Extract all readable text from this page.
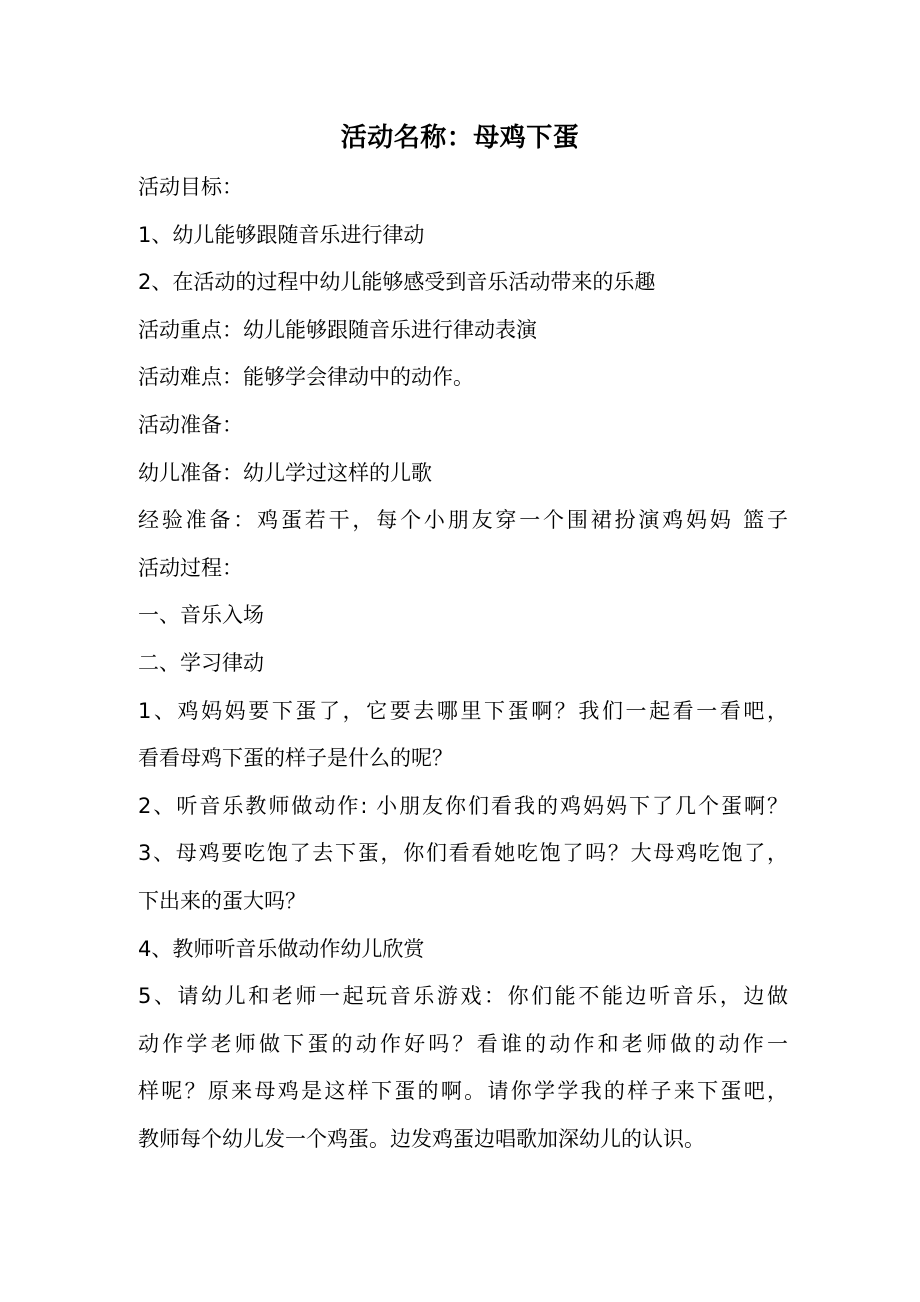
活动名称：母鸡下蛋
活动目标：
1、幼儿能够跟随音乐进行律动
2、在活动的过程中幼儿能够感受到音乐活动带来的乐趣
活动重点：幼儿能够跟随音乐进行律动表演
活动难点：能够学会律动中的动作。
活动准备：
幼儿准备：幼儿学过这样的儿歌
经验准备：鸡蛋若干，每个小朋友穿一个围裙扮演鸡妈妈 篮子
活动过程：
一、音乐入场
二、学习律动
1、鸡妈妈要下蛋了，它要去哪里下蛋啊？我们一起看一看吧，
看看母鸡下蛋的样子是什么的呢？
2、听音乐教师做动作: 小朋友你们看我的鸡妈妈下了几个蛋啊？
3、母鸡要吃饱了去下蛋，你们看看她吃饱了吗？大母鸡吃饱了，
下出来的蛋大吗？
4、教师听音乐做动作幼儿欣赏
5、请幼儿和老师一起玩音乐游戏：你们能不能边听音乐，边做
动作学老师做下蛋的动作好吗？看谁的动作和老师做的动作一
样呢？原来母鸡是这样下蛋的啊。请你学学我的样子来下蛋吧，
教师每个幼儿发一个鸡蛋。边发鸡蛋边唱歌加深幼儿的认识。
